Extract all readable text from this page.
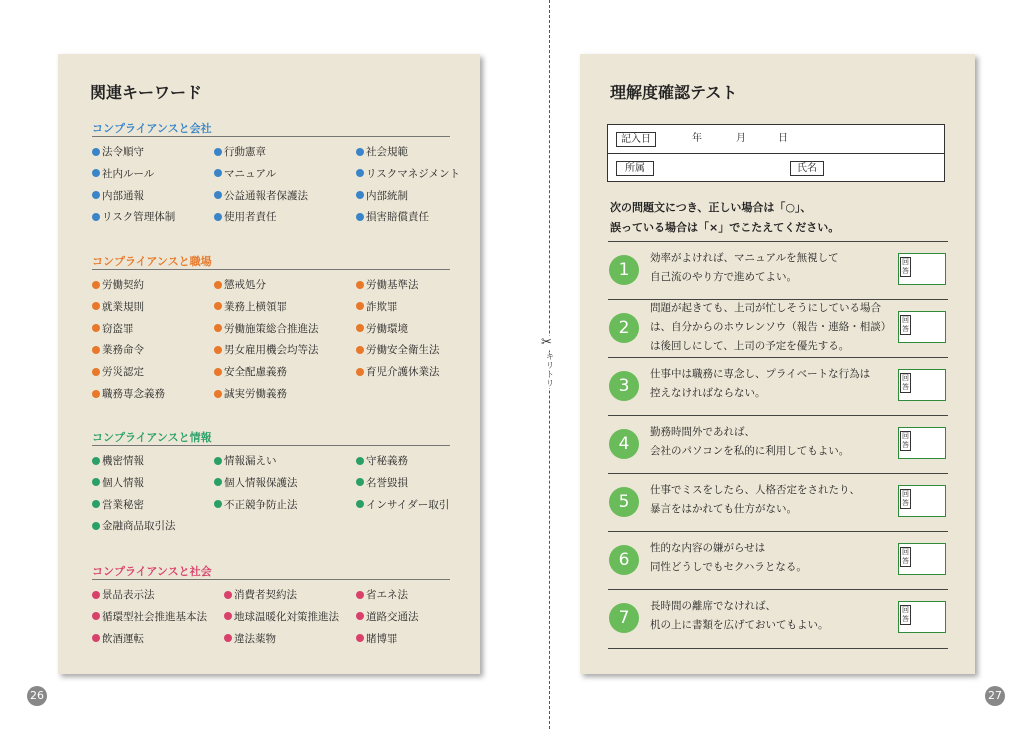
✂
キリトリ
関連キーワード
コンプライアンスと会社
法令順守	行動憲章	社会規範
社内ルール	マニュアル	リスクマネジメント
内部通報	公益通報者保護法	内部統制
リスク管理体制	使用者責任	損害賠償責任
コンプライアンスと職場
労働契約	懲戒処分	労働基準法
就業規則	業務上横領罪	詐欺罪
窃盗罪	労働施策総合推進法	労働環境
業務命令	男女雇用機会均等法	労働安全衛生法
労災認定	安全配慮義務	育児介護休業法
職務専念義務	誠実労働義務
コンプライアンスと情報
機密情報	情報漏えい	守秘義務
個人情報	個人情報保護法	名誉毀損
営業秘密	不正競争防止法	インサイダー取引
金融商品取引法
コンプライアンスと社会
景品表示法	消費者契約法	省エネ法
循環型社会推進基本法	地球温暖化対策推進法	道路交通法
飲酒運転	違法薬物	賭博罪
理解度確認テスト
記入日	年	月	日
所属	氏名
次の問題文につき、正しい場合は「○」、
誤っている場合は「×」でこたえてください。
1
効率がよければ、マニュアルを無視して
自己流のやり方で進めてよい。
回答
2
問題が起きても、上司が忙しそうにしている場合
は、自分からのホウレンソウ（報告・連絡・相談）
は後回しにして、上司の予定を優先する。
回答
3
仕事中は職務に専念し、プライベートな行為は
控えなければならない。
回答
4
勤務時間外であれば、
会社のパソコンを私的に利用してもよい。
回答
5
仕事でミスをしたら、人格否定をされたり、
暴言をはかれても仕方がない。
回答
6
性的な内容の嫌がらせは
同性どうしでもセクハラとなる。
回答
7
長時間の離席でなければ、
机の上に書類を広げておいてもよい。
回答
26	27
